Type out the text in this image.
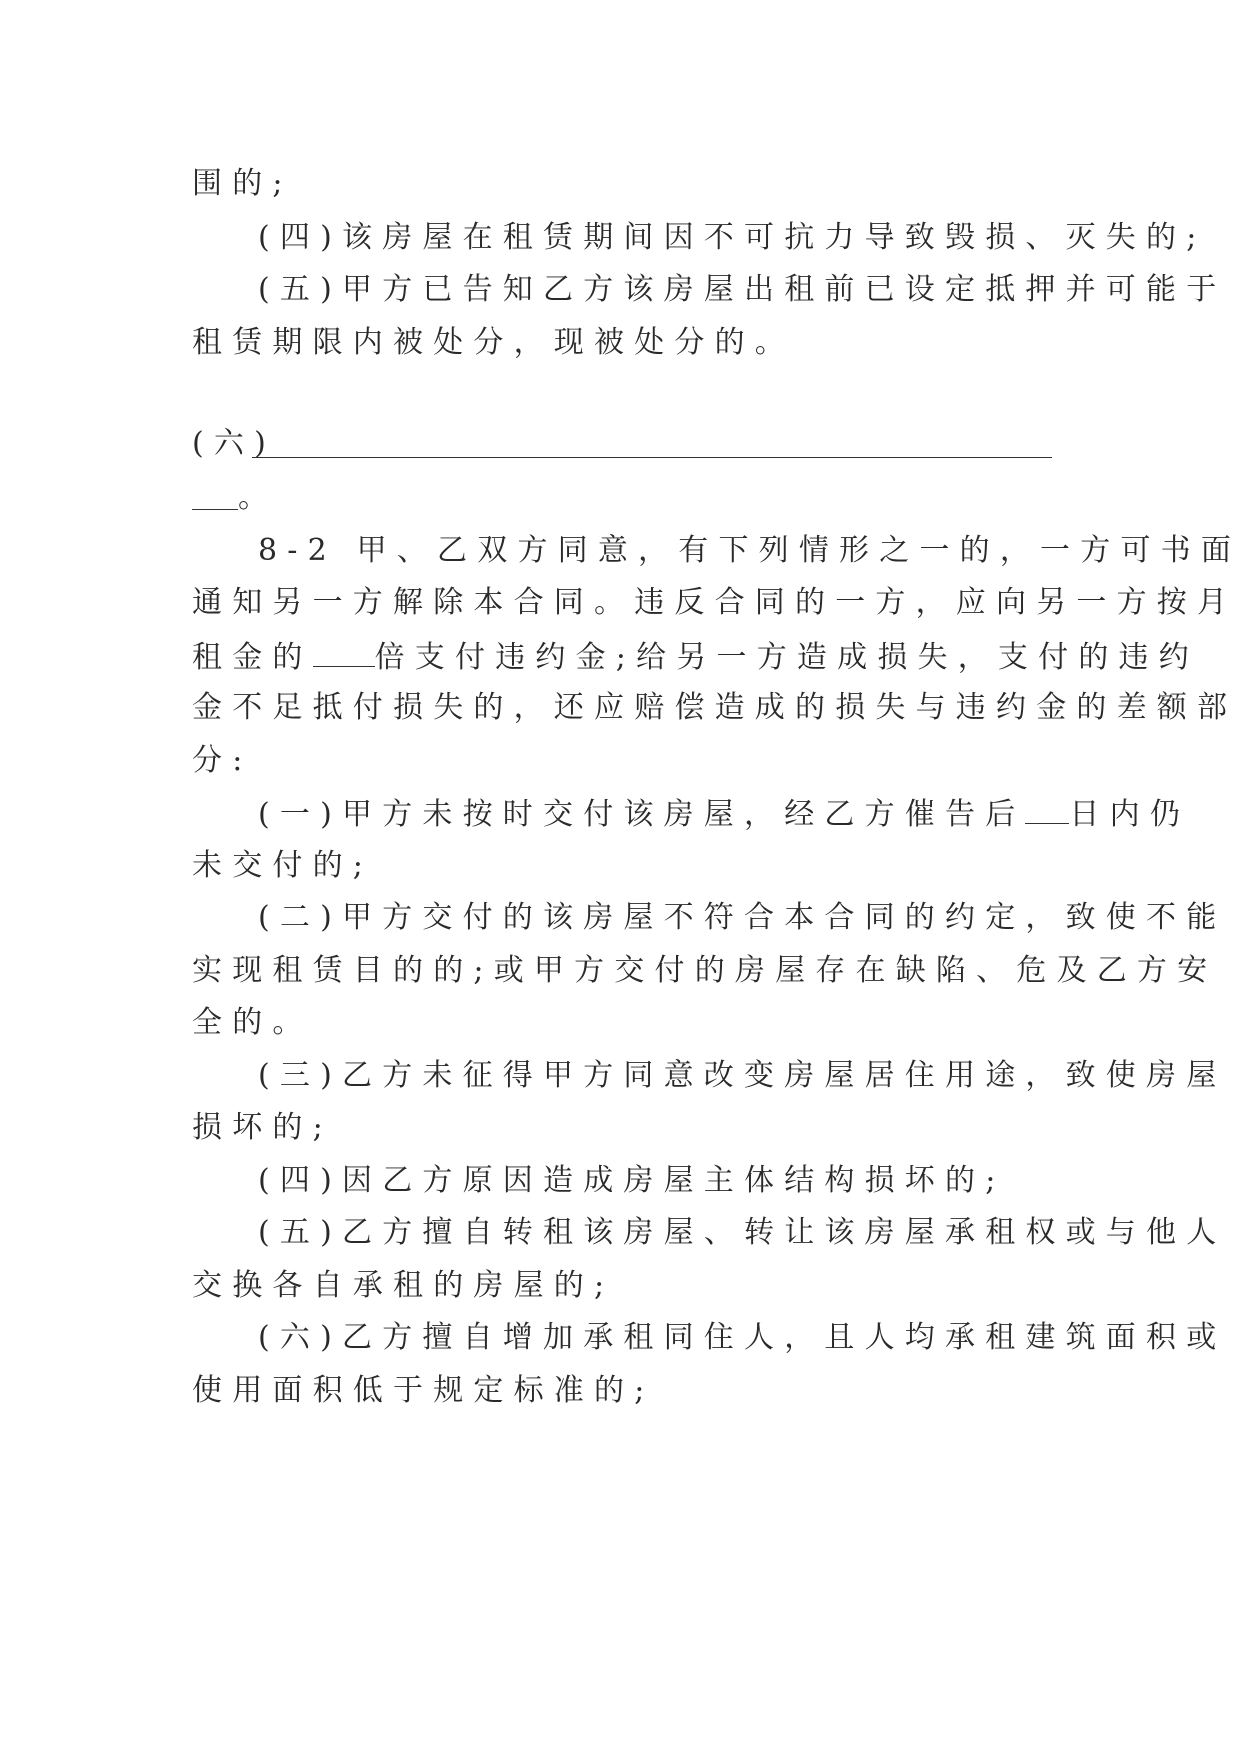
围的;
(四)该房屋在租赁期间因不可抗力导致毁损、灭失的;
(五)甲方已告知乙方该房屋出租前已设定抵押并可能于
租赁期限内被处分，现被处分的。
(六)
。
8-2 甲、乙双方同意，有下列情形之一的，一方可书面
通知另一方解除本合同。违反合同的一方，应向另一方按月
租金的 倍支付违约金;给另一方造成损失，支付的违约
金不足抵付损失的，还应赔偿造成的损失与违约金的差额部
分:
(一)甲方未按时交付该房屋，经乙方催告后 日内仍
未交付的;
(二)甲方交付的该房屋不符合本合同的约定，致使不能
实现租赁目的的;或甲方交付的房屋存在缺陷、危及乙方安
全的。
(三)乙方未征得甲方同意改变房屋居住用途，致使房屋
损坏的;
(四)因乙方原因造成房屋主体结构损坏的;
(五)乙方擅自转租该房屋、转让该房屋承租权或与他人
交换各自承租的房屋的;
(六)乙方擅自增加承租同住人，且人均承租建筑面积或
使用面积低于规定标准的;
